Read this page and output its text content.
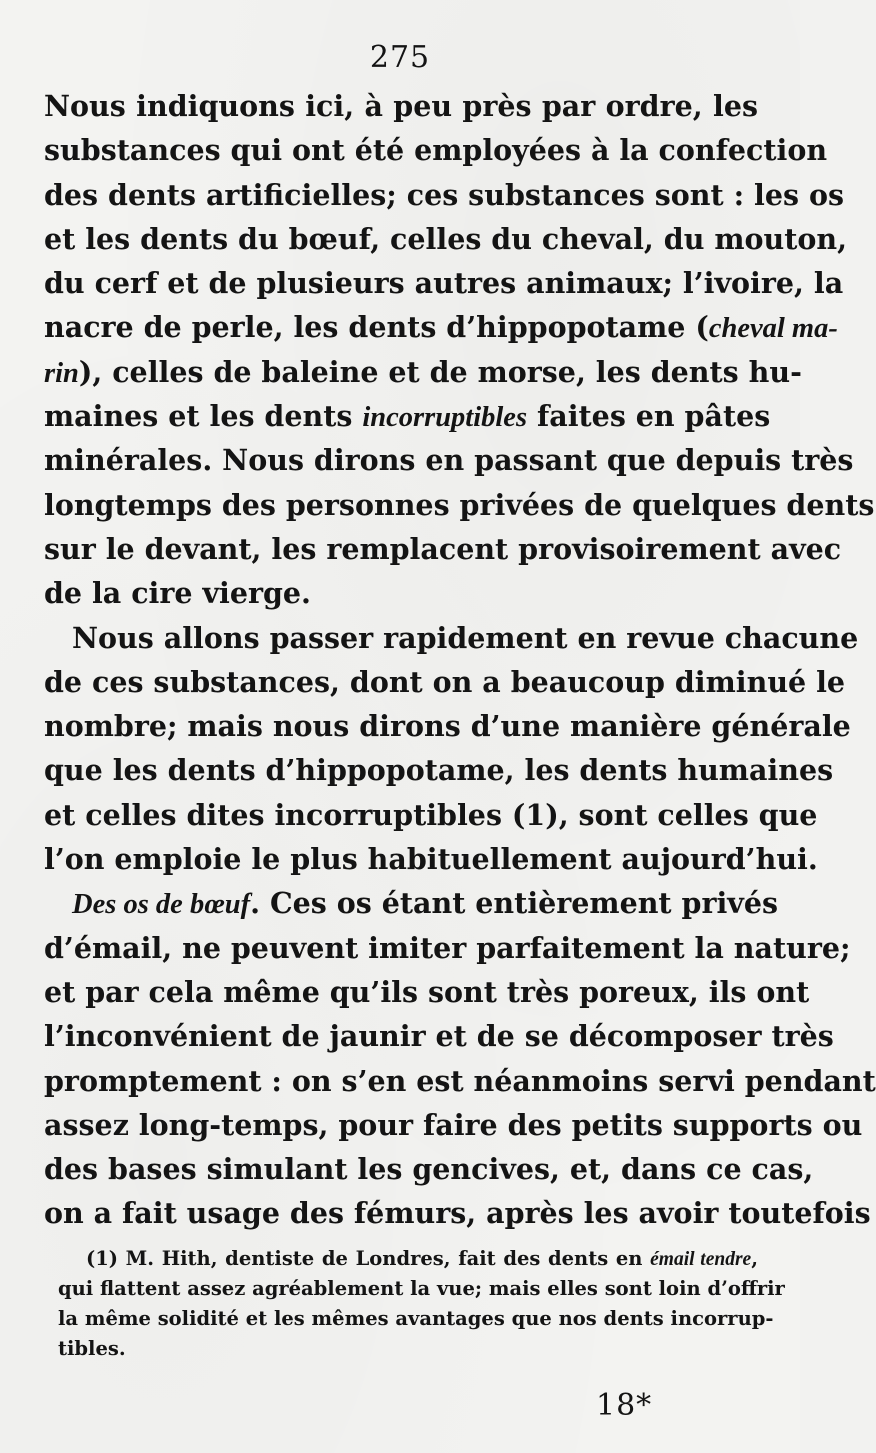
275
Nous indiquons ici, à peu près par ordre, les
substances qui ont été employées à la confection
des dents artificielles; ces substances sont : les os
et les dents du bœuf, celles du cheval, du mouton,
du cerf et de plusieurs autres animaux; l’ivoire, la
nacre de perle, les dents d’hippopotame (cheval ma-
rin), celles de baleine et de morse, les dents hu-
maines et les dents incorruptibles faites en pâtes
minérales. Nous dirons en passant que depuis très
longtemps des personnes privées de quelques dents
sur le devant, les remplacent provisoirement avec
de la cire vierge.
Nous allons passer rapidement en revue chacune
de ces substances, dont on a beaucoup diminué le
nombre; mais nous dirons d’une manière générale
que les dents d’hippopotame, les dents humaines
et celles dites incorruptibles (1), sont celles que
l’on emploie le plus habituellement aujourd’hui.
Des os de bœuf. Ces os étant entièrement privés
d’émail, ne peuvent imiter parfaitement la nature;
et par cela même qu’ils sont très poreux, ils ont
l’inconvénient de jaunir et de se décomposer très
promptement : on s’en est néanmoins servi pendant
assez long-temps, pour faire des petits supports ou
des bases simulant les gencives, et, dans ce cas,
on a fait usage des fémurs, après les avoir toutefois
(1) M. Hith, dentiste de Londres, fait des dents en émail tendre,
qui flattent assez agréablement la vue; mais elles sont loin d’offrir
la même solidité et les mêmes avantages que nos dents incorrup-
tibles.
18*
